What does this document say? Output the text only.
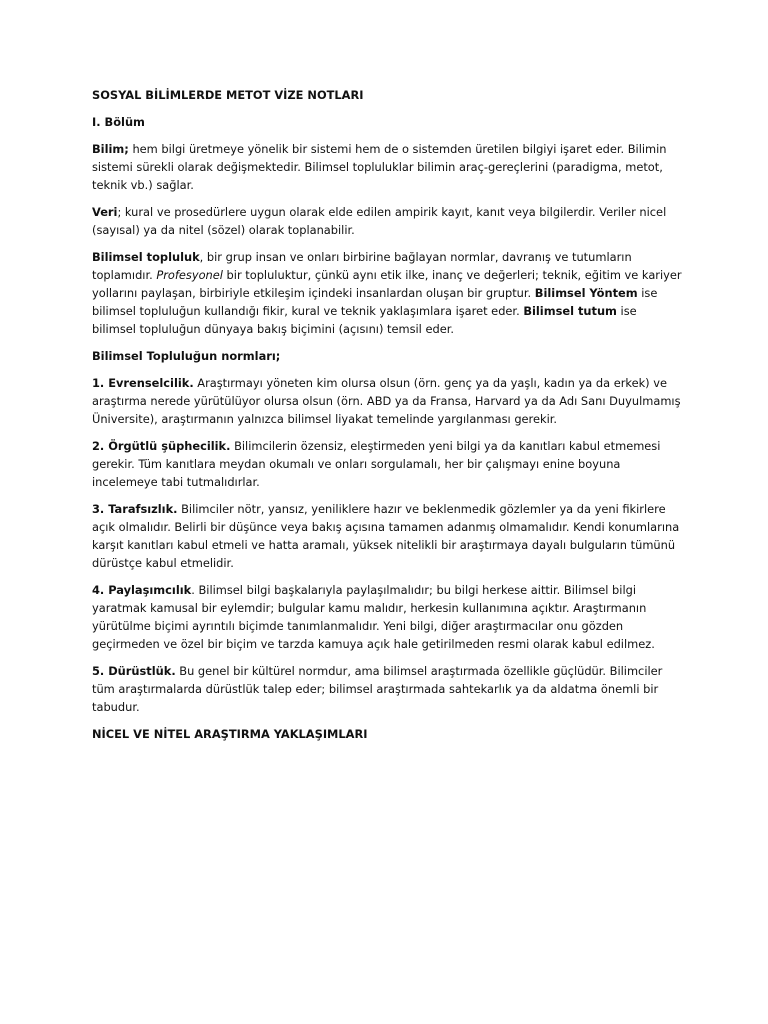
SOSYAL BİLİMLERDE METOT VİZE NOTLARI
I. Bölüm

Bilim; hem bilgi üretmeye yönelik bir sistemi hem de o sistemden üretilen bilgiyi işaret eder. Bilimin sistemi sürekli olarak değişmektedir. Bilimsel topluluklar bilimin araç-gereçlerini (paradigma, metot, teknik vb.) sağlar.

Veri; kural ve prosedürlere uygun olarak elde edilen ampirik kayıt, kanıt veya bilgilerdir. Veriler nicel (sayısal) ya da nitel (sözel) olarak toplanabilir.

Bilimsel topluluk, bir grup insan ve onları birbirine bağlayan normlar, davranış ve tutumların toplamıdır. Profesyonel bir topluluktur, çünkü aynı etik ilke, inanç ve değerleri; teknik, eğitim ve kariyer yollarını paylaşan, birbiriyle etkileşim içindeki insanlardan oluşan bir gruptur. Bilimsel Yöntem ise bilimsel topluluğun kullandığı fikir, kural ve teknik yaklaşımlara işaret eder. Bilimsel tutum ise bilimsel topluluğun dünyaya bakış biçimini (açısını) temsil eder.

Bilimsel Topluluğun normları;

1. Evrenselcilik. Araştırmayı yöneten kim olursa olsun (örn. genç ya da yaşlı, kadın ya da erkek) ve araştırma nerede yürütülüyor olursa olsun (örn. ABD ya da Fransa, Harvard ya da Adı Sanı Duyulmamış Üniversite), araştırmanın yalnızca bilimsel liyakat temelinde yargılanması gerekir.

2. Örgütlü şüphecilik. Bilimcilerin özensiz, eleştirmeden yeni bilgi ya da kanıtları kabul etmemesi gerekir. Tüm kanıtlara meydan okumalı ve onları sorgulamalı, her bir çalışmayı enine boyuna incelemeye tabi tutmalıdırlar.

3. Tarafsızlık. Bilimciler nötr, yansız, yeniliklere hazır ve beklenmedik gözlemler ya da yeni fikirlere açık olmalıdır. Belirli bir düşünce veya bakış açısına tamamen adanmış olmamalıdır. Kendi konumlarına karşıt kanıtları kabul etmeli ve hatta aramalı, yüksek nitelikli bir araştırmaya dayalı bulguların tümünü dürüstçe kabul etmelidir.

4. Paylaşımcılık. Bilimsel bilgi başkalarıyla paylaşılmalıdır; bu bilgi herkese aittir. Bilimsel bilgi yaratmak kamusal bir eylemdir; bulgular kamu malıdır, herkesin kullanımına açıktır. Araştırmanın yürütülme biçimi ayrıntılı biçimde tanımlanmalıdır. Yeni bilgi, diğer araştırmacılar onu gözden geçirmeden ve özel bir biçim ve tarzda kamuya açık hale getirilmeden resmi olarak kabul edilmez.

5. Dürüstlük. Bu genel bir kültürel normdur, ama bilimsel araştırmada özellikle güçlüdür. Bilimciler tüm araştırmalarda dürüstlük talep eder; bilimsel araştırmada sahtekarlık ya da aldatma önemli bir tabudur.

NİCEL VE NİTEL ARAŞTIRMA YAKLAŞIMLARI
